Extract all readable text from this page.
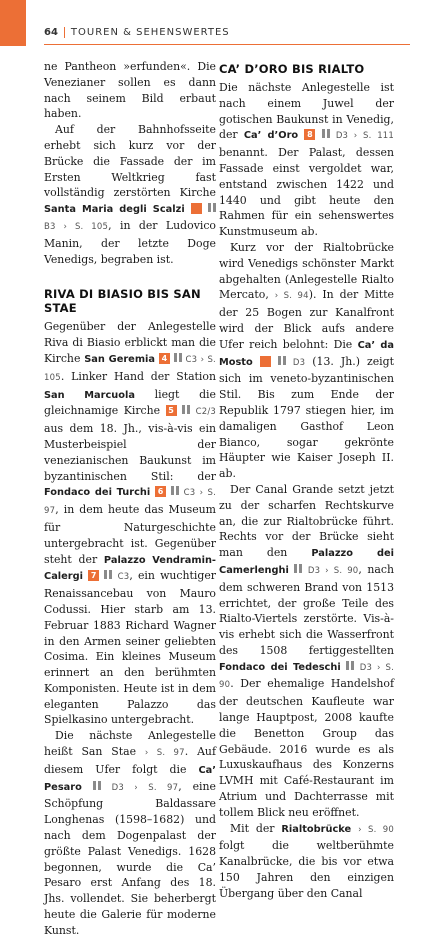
64 TOUREN & SEHENSWERTES

ne Pantheon »erfunden«. Die Venezianer sollen es dann nach seinem Bild erbaut haben.

Auf der Bahnhofsseite erhebt sich kurz vor der Brücke die Fassade der im Ersten Weltkrieg fast vollständig zerstörten Kirche Santa Maria degli Scalzi 3  B3 › S. 105, in der Ludovico Manin, der letzte Doge Venedigs, begraben ist.

RIVA DI BIASIO BIS SAN STAE

Gegenüber der Anlegestelle Riva di Biasio erblickt man die Kirche San Geremia 4 C3 › S. 105. Linker Hand der Station San Marcuola liegt die gleichnamige Kirche 5	C2/3 aus dem 18. Jh., vis-à-vis ein Musterbeispiel der venezianischen Baukunst im byzantinischen Stil: der Fondaco dei Turchi 6 C3 › S. 97, in dem heute das Museum für Naturgeschichte untergebracht ist. Gegenüber steht der Palazzo Vendramin-Calergi 7 C3, ein wuchtiger Renaissancebau von Mauro Codussi. Hier starb am 13. Februar 1883 Richard Wagner in den Armen seiner geliebten Cosima. Ein kleines Museum erinnert an den berühmten Komponisten. Heute ist in dem eleganten Palazzo das Spielkasino untergebracht.

Die nächste Anlegestelle heißt San Stae › S. 97. Auf diesem Ufer folgt die Ca’ Pesaro	D3 › S. 97, eine Schöpfung Baldassare Longhenas (1598–1682) und nach dem Dogenpalast der größte Palast Venedigs. 1628 begonnen, wurde die Ca’ Pesaro erst Anfang des 18. Jhs. vollendet. Sie beherbergt heute die Galerie für moderne Kunst.

CA’ D’ORO BIS RIALTO

Die nächste Anlegestelle ist nach einem Juwel der gotischen Baukunst in Venedig, der Ca’ d’Oro 8	D3 › S. 111 benannt. Der Palast, dessen Fassade einst vergoldet war, entstand zwischen 1422 und 1440 und gibt heute den Rahmen für ein sehenswertes Kunstmuseum ab.

Kurz vor der Rialtobrücke wird Venedigs schönster Markt abgehalten (Anlegestelle Rialto Mercato, › S. 94). In der Mitte der 25 Bogen zur Kanalfront wird der Blick aufs andere Ufer reich belohnt: Die Ca’ da Mosto 9 D3 (13. Jh.) zeigt sich im veneto-byzantinischen Stil. Bis zum Ende der Republik 1797 stiegen hier, im damaligen Gasthof Leon Bianco, sogar gekrönte Häupter wie Kaiser Joseph II. ab.

Der Canal Grande setzt jetzt zu der scharfen Rechtskurve an, die zur Rialtobrücke führt. Rechts vor der Brücke sieht man den Palazzo dei Camerlenghi D3 › S. 90, nach dem schweren Brand von 1513 errichtet, der große Teile des Rialto-Viertels zerstörte. Vis-à-vis erhebt sich die Wasserfront des 1508 fertiggestellten Fondaco dei Tedeschi D3 › S. 90. Der ehemalige Handelshof der deutschen Kaufleute war lange Hauptpost, 2008 kaufte die Benetton Group das Gebäude. 2016 wurde es als Luxuskaufhaus des Konzerns LVMH mit Café-Restaurant im Atrium und Dachterrasse mit tollem Blick neu eröffnet.

Mit der Rialtobrücke › S. 90 folgt die weltberühmte Kanalbrücke, die bis vor etwa 150 Jahren den einzigen Übergang über den Canal
